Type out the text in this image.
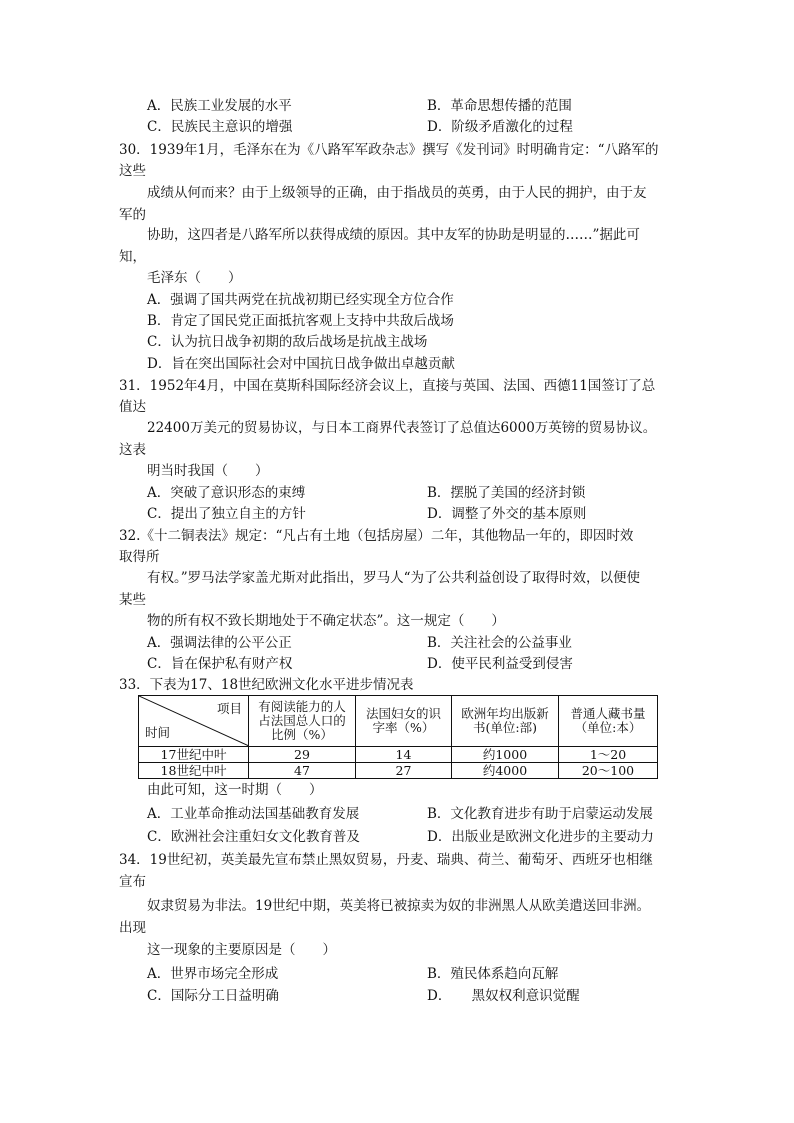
A．民族工业发展的水平	B．革命思想传播的范围
C．民族民主意识的增强	D．阶级矛盾激化的过程
30．1939年1月，毛泽东在为《八路军军政杂志》撰写《发刊词》时明确肯定：“八路军的
这些
成绩从何而来？由于上级领导的正确，由于指战员的英勇，由于人民的拥护，由于友
军的
协助，这四者是八路军所以获得成绩的原因。其中友军的协助是明显的……”据此可
知，
毛泽东（　　）
A．强调了国共两党在抗战初期已经实现全方位合作
B．肯定了国民党正面抵抗客观上支持中共敌后战场
C．认为抗日战争初期的敌后战场是抗战主战场
D．旨在突出国际社会对中国抗日战争做出卓越贡献
31．1952年4月，中国在莫斯科国际经济会议上，直接与英国、法国、西德11国签订了总
值达
22400万美元的贸易协议，与日本工商界代表签订了总值达6000万英镑的贸易协议。
这表
明当时我国（　　）
A．突破了意识形态的束缚	B．摆脱了美国的经济封锁
C．提出了独立自主的方针	D．调整了外交的基本原则
32.《十二铜表法》规定：“凡占有土地（包括房屋）二年，其他物品一年的，即因时效
取得所
有权。”罗马法学家盖尤斯对此指出，罗马人“为了公共利益创设了取得时效，以便使
某些
物的所有权不致长期地处于不确定状态”。这一规定（　　）
A．强调法律的公平公正	B．关注社会的公益事业
C．旨在保护私有财产权	D．使平民利益受到侵害
33．下表为17、18世纪欧洲文化水平进步情况表
项目
时间	有阅读能力的人占法国总人口的比例（%）	法国妇女的识字率（%）	欧洲年均出版新书(单位:部)	普通人藏书量（单位:本）
17世纪中叶	29	14	约1000	1～20
18世纪中叶	47	27	约4000	20～100
由此可知，这一时期（　　）
A．工业革命推动法国基础教育发展	B．文化教育进步有助于启蒙运动发展
C．欧洲社会注重妇女文化教育普及	D．出版业是欧洲文化进步的主要动力
34．19世纪初，英美最先宣布禁止黑奴贸易，丹麦、瑞典、荷兰、葡萄牙、西班牙也相继
宣布
奴隶贸易为非法。19世纪中期，英美将已被掠卖为奴的非洲黑人从欧美遣送回非洲。
出现
这一现象的主要原因是（　　）
A．世界市场完全形成	B．殖民体系趋向瓦解
C．国际分工日益明确	D．　　黑奴权利意识觉醒
